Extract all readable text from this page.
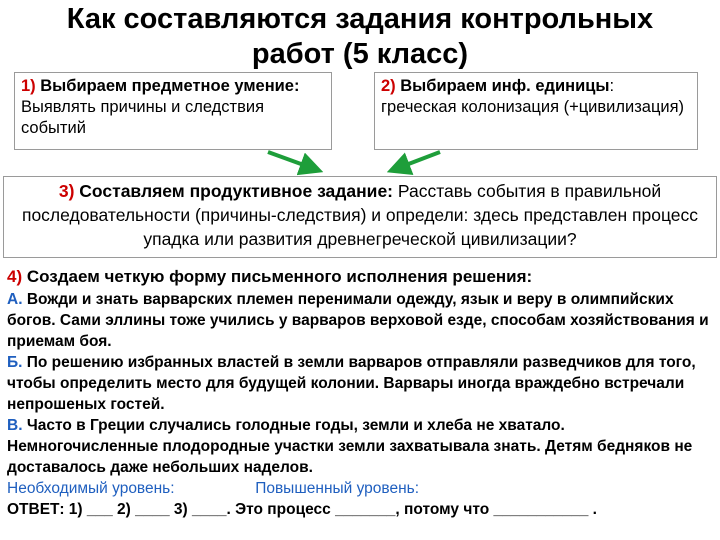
Как составляются задания контрольных
работ (5 класс)
1) Выбираем предметное умение: Выявлять причины и следствия событий
2) Выбираем инф. единицы: греческая колонизация (+цивилизация)
3) Составляем продуктивное задание: Расставь события в правильной последовательности (причины-следствия) и определи: здесь представлен процесс упадка или развития древнегреческой цивилизации?
4) Создаем четкую форму письменного исполнения решения:
А. Вожди и знать варварских племен перенимали одежду, язык и веру в олимпийских богов. Сами эллины тоже учились у варваров верховой езде, способам хозяйствования и приемам боя.
Б. По решению избранных властей в земли варваров отправляли разведчиков для того, чтобы определить место для будущей колонии. Варвары иногда враждебно встречали непрошеных гостей.
В. Часто в Греции случались голодные годы, земли и хлеба не хватало. Немногочисленные плодородные участки земли захватывала знать. Детям бедняков не доставалось даже небольших наделов.
Необходимый уровень:	Повышенный уровень:
ОТВЕТ: 1) ___ 2) ____ 3) ____. Это процесс _______, потому что ___________ .
